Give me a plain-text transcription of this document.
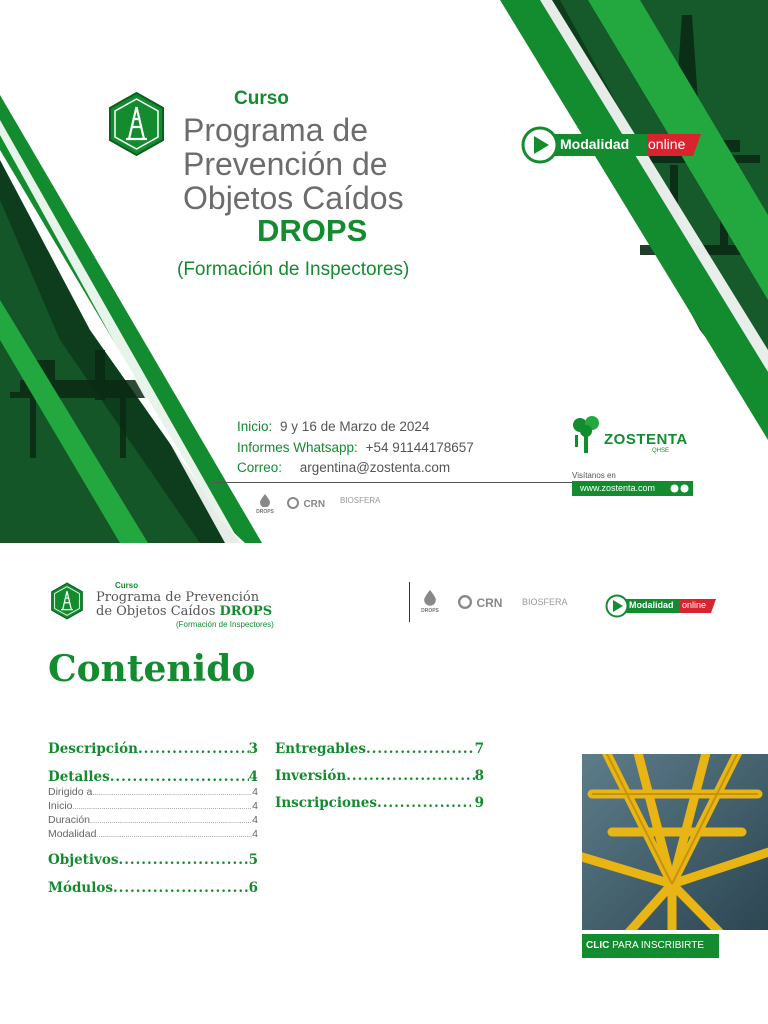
Curso
Programa de
Prevención de
Objetos Caídos
DROPS
(Formación de Inspectores)
Modalidad online
Inicio: 9 y 16 de Marzo de 2024
Informes Whatsapp: +54 91144178657
Correo: argentina@zostenta.com
DROPS
CRN BIOSFERA
ZOSTENTA
QHSE
Visítanos en
www.zostenta.com
Curso
Programa de Prevención
de Objetos Caídos DROPS
(Formación de Inspectores)
DROPS
CRN BIOSFERA	Modalidad online
Contenido
Descripción .....	3
Detalles .....	4
Dirigido a .....	4
Inicio .....	4
Duración .....	4
Modalidad .....	4
Objetivos .....	5
Módulos .....	6
Entregables .....	7
Inversión .....	8
Inscripciones .....	9
CLIC PARA INSCRIBIRTE
